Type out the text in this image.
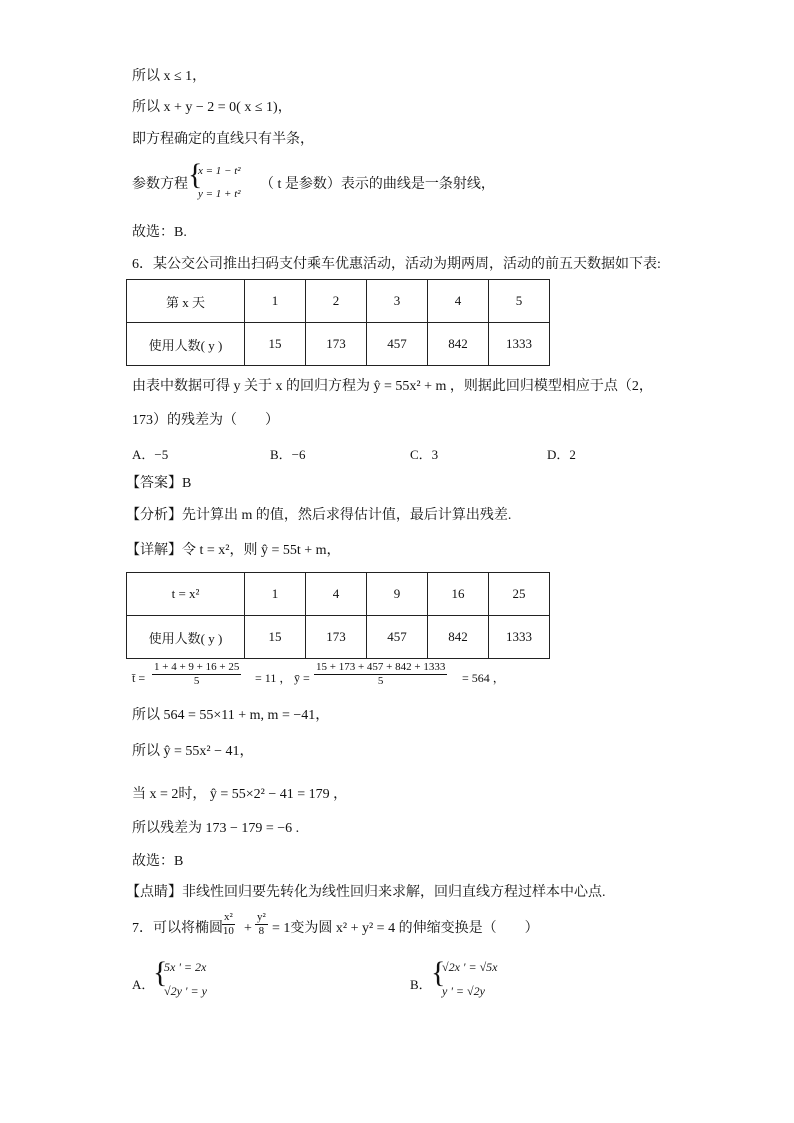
所以 x ≤ 1，
所以 x + y − 2 = 0( x ≤ 1)，
即方程确定的直线只有半条，
参数方程 {
x = 1 − t²
y = 1 + t²
（ t 是参数）表示的曲线是一条射线，
故选：B.
6．某公交公司推出扫码支付乘车优惠活动，活动为期两周，活动的前五天数据如下表:
第 x 天	1	2	3	4	5
使用人数( y )	15	173	457	842	1333
由表中数据可得 y 关于 x 的回归方程为 ŷ = 55x² + m ，则据此回归模型相应于点（2，
173）的残差为（　　）
A．−5	B．−6	C．3	D．2
【答案】B
【分析】先计算出 m 的值，然后求得估计值，最后计算出残差.
【详解】令 t = x²，则 ŷ = 55t + m，
t = x²	1	4	9	16	25
使用人数( y )	15	173	457	842	1333
t̄ = $\frac{1 + 4 + 9 + 16 + 25}{5} = 11$ ， ȳ = $\frac{15 + 173 + 457 + 842 + 1333}{5} = 564$ ，
所以 564 = 55×11 + m, m = −41，
所以 ŷ = 55x² − 41，
当 x = 2时， ŷ = 55×2² − 41 = 179 ，
所以残差为 173 − 179 = −6 .
故选：B
【点睛】非线性回归要先转化为线性回归来求解，回归直线方程过样本中心点.
7．可以将椭圆 $\frac{\text{x²}}{10} + \frac{\text{y²}}{8} = 1$变为圆 x² + y² = 4 的伸缩变换是（　　）
A．
{
5x ' = 2x
√2y ' = y	B． {
√2x ' = √5x
y ' = √2y
